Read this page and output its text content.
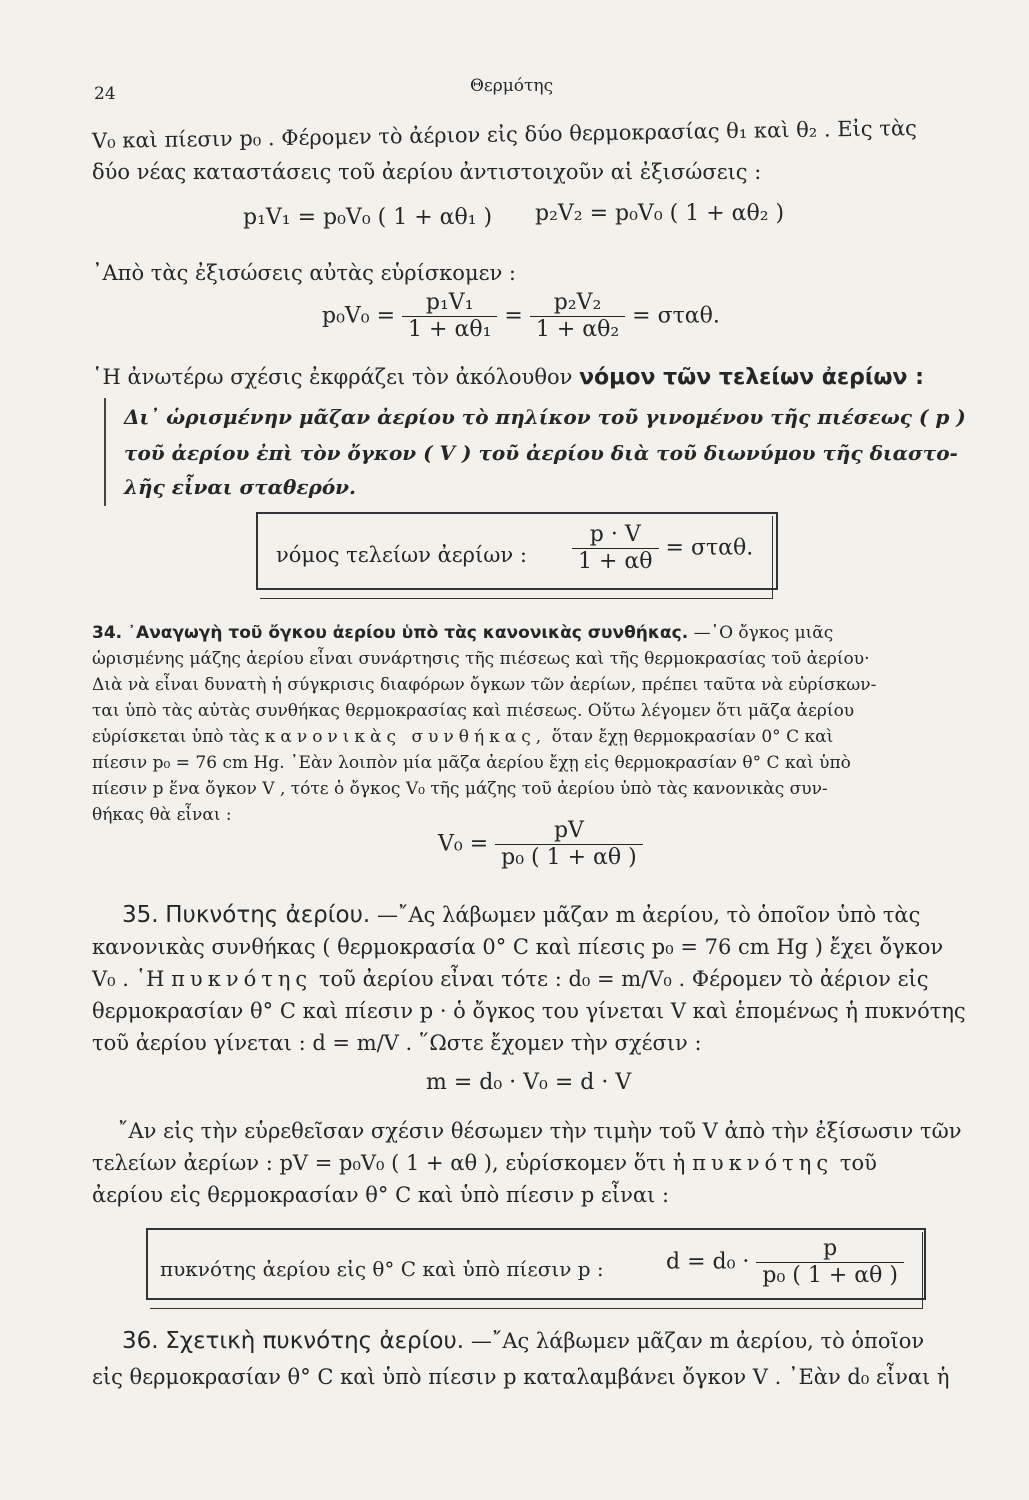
24	Θερμότης
V₀ καὶ πίεσιν p₀ . Φέρομεν τὸ ἀέριον εἰς δύο θερμοκρασίας θ₁ καὶ θ₂ . Εἰς τὰς
δύο νέας καταστάσεις τοῦ ἀερίου ἀντιστοιχοῦν αἱ ἐξισώσεις :
p₁V₁ = p₀V₀ ( 1 + αθ₁ ) p₂V₂ = p₀V₀ ( 1 + αθ₂ )
᾿Απὸ τὰς ἐξισώσεις αὐτὰς εὑρίσκομεν :
$p_0V_0 = \frac{\text{p₁V₁}}{\text{1 + αθ₁}} = \frac{\text{p₂V₂}}{\text{1 + αθ₂}} = \sigma\tau\alpha\theta$.
῾Η ἀνωτέρω σχέσις ἐκφράζει τὸν ἀκόλουθον νόμον τῶν τελείων ἀερίων :
Δι᾿ ὡρισμένην μᾶζαν ἀερίου τὸ πηλίκον τοῦ γινομένου τῆς πιέσεως ( p )
τοῦ ἀερίου ἐπὶ τὸν ὄγκον ( V ) τοῦ ἀερίου διὰ τοῦ διωνύμου τῆς διαστο-
λῆς εἶναι σταθερόν.
νόμος τελείων ἀερίων : $\frac{p \cdot V}{1 + \alpha\theta} = \sigma\tau\alpha\theta$.
34. ᾿Αναγωγὴ τοῦ ὄγκου ἀερίου ὑπὸ τὰς κανονικὰς συνθήκας. —῾Ο ὄγκος μιᾶς
ὡρισμένης μάζης ἀερίου εἶναι συνάρτησις τῆς πιέσεως καὶ τῆς θερμοκρασίας τοῦ ἀερίου·
Διὰ νὰ εἶναι δυνατὴ ἡ σύγκρισις διαφόρων ὄγκων τῶν ἀερίων, πρέπει ταῦτα νὰ εὑρίσκων-
ται ὑπὸ τὰς αὐτὰς συνθήκας θερμοκρασίας καὶ πιέσεως. Οὕτω λέγομεν ὅτι μᾶζα ἀερίου
εὑρίσκεται ὑπὸ τὰς κανονικὰς συνθήκας, ὅταν ἔχῃ θερμοκρασίαν 0° C καὶ
πίεσιν p₀ = 76 cm Hg. ᾿Εὰν λοιπὸν μία μᾶζα ἀερίου ἔχῃ εἰς θερμοκρασίαν θ° C καὶ ὑπὸ
πίεσιν p ἕνα ὄγκον V , τότε ὁ ὄγκος V₀ τῆς μάζης τοῦ ἀερίου ὑπὸ τὰς κανονικὰς συν-
θήκας θὰ εἶναι :
$V_0 = \frac{pV}{\text{p₀ ( 1 + αθ )}}$
35. Πυκνότης ἀερίου. —῎Ας λάβωμεν μᾶζαν m ἀερίου, τὸ ὁποῖον ὑπὸ τὰς
κανονικὰς συνθήκας ( θερμοκρασία 0° C καὶ πίεσις p₀ = 76 cm Hg ) ἔχει ὄγκον
V₀ . ῾Η πυκνότης τοῦ ἀερίου εἶναι τότε : d₀ = m/V₀ . Φέρομεν τὸ ἀέριον εἰς
θερμοκρασίαν θ° C καὶ πίεσιν p · ὁ ὄγκος του γίνεται V καὶ ἑπομένως ἡ πυκνότης
τοῦ ἀερίου γίνεται : d = m/V . ῞Ωστε ἔχομεν τὴν σχέσιν :
m = d₀ · V₀ = d · V
῎Αν εἰς τὴν εὑρεθεῖσαν σχέσιν θέσωμεν τὴν τιμὴν τοῦ V ἀπὸ τὴν ἐξίσωσιν τῶν
τελείων ἀερίων : pV = p₀V₀ ( 1 + αθ ), εὑρίσκομεν ὅτι ἡ πυκνότης τοῦ
ἀερίου εἰς θερμοκρασίαν θ° C καὶ ὑπὸ πίεσιν p εἶναι :
πυκνότης ἀερίου εἰς θ° C καὶ ὑπὸ πίεσιν p :	$d = d_0 \cdot \frac{p}{\text{p₀ ( 1 + αθ )}}$
36. Σχετικὴ πυκνότης ἀερίου. —῎Ας λάβωμεν μᾶζαν m ἀερίου, τὸ ὁποῖον
εἰς θερμοκρασίαν θ° C καὶ ὑπὸ πίεσιν p καταλαμβάνει ὄγκον V . ᾿Εὰν d₀ εἶναι ἡ
